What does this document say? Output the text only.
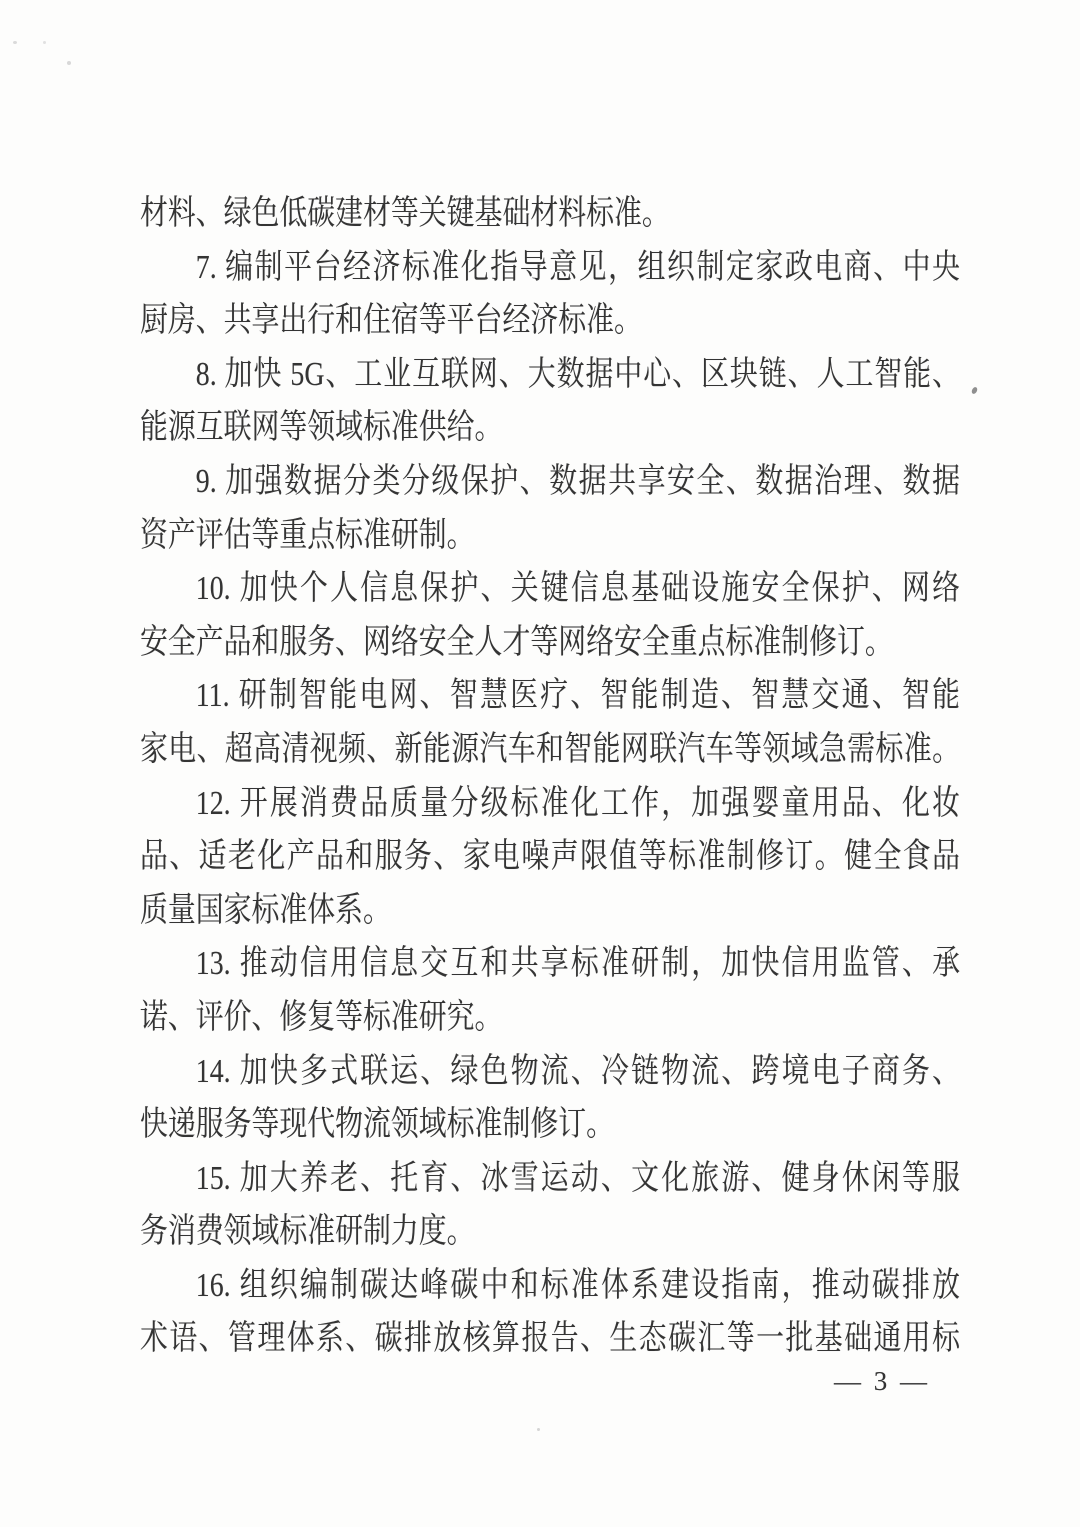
材料、绿色低碳建材等关键基础材料标准。
7. 编制平台经济标准化指导意见，组织制定家政电商、中央
厨房、共享出行和住宿等平台经济标准。
8. 加快 5G、工业互联网、大数据中心、区块链、人工智能、
能源互联网等领域标准供给。
9. 加强数据分类分级保护、数据共享安全、数据治理、数据
资产评估等重点标准研制。
10. 加快个人信息保护、关键信息基础设施安全保护、网络
安全产品和服务、网络安全人才等网络安全重点标准制修订。
11. 研制智能电网、智慧医疗、智能制造、智慧交通、智能
家电、超高清视频、新能源汽车和智能网联汽车等领域急需标准。
12. 开展消费品质量分级标准化工作，加强婴童用品、化妆
品、适老化产品和服务、家电噪声限值等标准制修订。健全食品
质量国家标准体系。
13. 推动信用信息交互和共享标准研制，加快信用监管、承
诺、评价、修复等标准研究。
14. 加快多式联运、绿色物流、冷链物流、跨境电子商务、
快递服务等现代物流领域标准制修订。
15. 加大养老、托育、冰雪运动、文化旅游、健身休闲等服
务消费领域标准研制力度。
16. 组织编制碳达峰碳中和标准体系建设指南，推动碳排放
术语、管理体系、碳排放核算报告、生态碳汇等一批基础通用标
— 3 —
